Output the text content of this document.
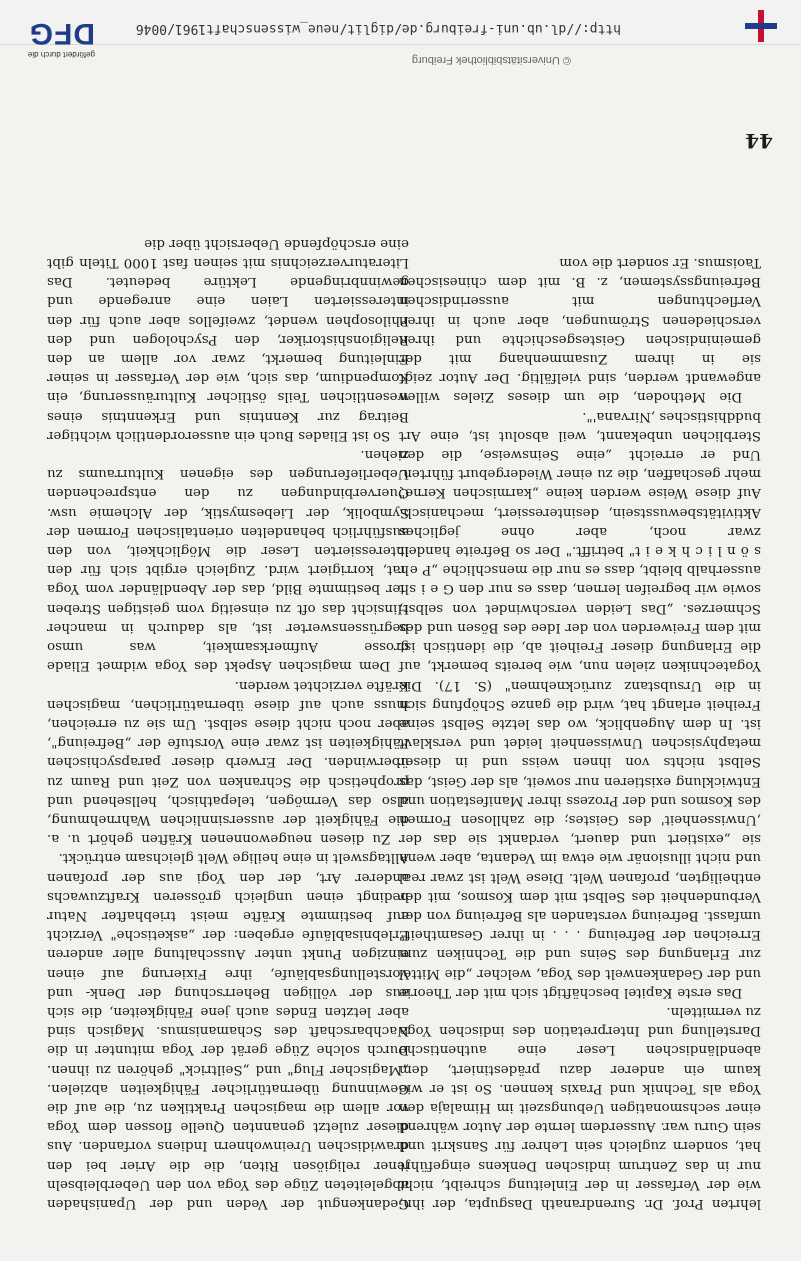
44

lehrten Prof. Dr. Surendranath Dasgupta, der ihn, wie der Verfasser in der Einleitung schreibt, nicht nur in das Zentrum indischen Denkens eingeführt hat, sondern zugleich sein Lehrer für Sanskrit und sein Guru war. Ausserdem lernte der Autor während einer sechsmonatigen Uebungszeit im Himalaja den Yoga als Technik und Praxis kennen. So ist er wie kaum ein anderer dazu prädestiniert, dem abendländischen Leser eine authentische Darstellung und Interpretation des indischen Yoga zu vermitteln.

Das erste Kapitel beschäftigt sich mit der Theorie und der Gedankenwelt des Yoga, welcher „die Mittel zur Erlangung des Seins und die Techniken zum Erreichen der Befreiung . . . in ihrer Gesamtheit" umfasst. Befreiung verstanden als Befreiung von der Verbundenheit des Selbst mit dem Kosmos, mit der entheiligten, profanen Welt. Diese Welt ist zwar real und nicht illusionär wie etwa im Vedanta, aber wenn sie „existiert und dauert, verdankt sie das der ‚Unwissenheit' des Geistes; die zahllosen Formen des Kosmos und der Prozess ihrer Manifestation und Entwicklung existieren nur soweit, als der Geist, das Selbst nichts von ihnen weiss und in dieser metaphysischen Unwissenheit leidet und versklavt ist. In dem Augenblick, wo das letzte Selbst seine Freiheit erlangt hat, wird die ganze Schöpfung sich in die Ursubstanz zurücknehmen" (S. 17). Die Yogatechniken zielen nun, wie bereits bemerkt, auf die Erlangung dieser Freiheit ab, die identisch ist mit dem Freiwerden von der Idee des Bösen und des Schmerzes. „Das Leiden verschwindet von selbst, sowie wir begreifen lernen, dass es nur den G e i s t ausserhalb bleibt, dass es nur die menschliche „P e r s ö n l i c h k e i t" betrifft." Der so Befreite handelt zwar noch, aber ohne jegliches Aktivitätsbewusstsein, desinteressiert, mechanisch. Auf diese Weise werden keine „karmischen Kerne" mehr geschaffen, die zu einer Wiedergeburt führten. Und er erreicht „eine Seinsweise, die den Sterblichen unbekannt, weil absolut ist, eine Art buddhistisches ‚Nirvana'".

Die Methoden, die um dieses Zieles willen angewandt werden, sind vielfältig. Der Autor zeigt sie in ihrem Zusammenhang mit der gemeinindischen Geistesgeschichte und ihren verschiedenen Strömungen, aber auch in ihren Verflechtungen mit ausserindischen Befreiungssystemen, z. B. mit dem chinesischen Taoismus. Er sondert die vom

Gedankengut der Veden und der Upanishaden abgeleiteten Züge des Yoga von den Ueberbleibseln jener religiösen Riten, die die Arier bei den drawidischen Ureinwohnern Indiens vorfanden. Aus dieser zuletzt genannten Quelle flossen dem Yoga vor allem die magischen Praktiken zu, die auf die Gewinnung übernatürlicher Fähigkeiten abzielen. „Magischer Flug" und „Seiltrick" gehören zu ihnen. Durch solche Züge gerät der Yoga mitunter in die Nachbarschaft des Schamanismus. Magisch sind aber letzten Endes auch jene Fähigkeiten, die sich aus der völligen Beherrschung der Denk- und Vorstellungsabläufe, ihre Fixierung auf einen einzigen Punkt unter Ausschaltung aller anderen Erlebnisabläufe ergeben: der „asketische" Verzicht auf bestimmte Kräfte meist triebhafter Natur bedingt einen ungleich grösseren Kraftzuwachs anderer Art, der den Yogi aus der profanen Alltagswelt in eine heilige Welt gleichsam entrückt.

Zu diesen neugewonnenen Kräften gehört u. a. die Fähigkeit der aussersinnlichen Wahrnehmung, also das Vermögen, telepathisch, hellsehend und prophetisch die Schranken von Zeit und Raum zu überwinden. Der Erwerb dieser parapsychischen Fähigkeiten ist zwar eine Vorstufe der „Befreiung", aber noch nicht diese selbst. Um sie zu erreichen, muss auch auf diese übernatürlichen, magischen Kräfte verzichtet werden.

Dem magischen Aspekt des Yoga widmet Eliade grosse Aufmerksamkeit, was umso begrüssenswerter ist, als dadurch in mancher Hinsicht das oft zu einseitig vom geistigen Streben her bestimmte Bild, das der Abendländer vom Yoga hat, korrigiert wird. Zugleich ergibt sich für den interessierten Leser die Möglichkeit, von den ausführlich behandelten orientalischen Formen der Symbolik, der Liebesmystik, der Alchemie usw. Querverbindungen zu den entsprechenden Ueberlieferungen des eigenen Kulturraums zu ziehen.

So ist Eliades Buch ein ausserordentlich wichtiger Beitrag zur Kenntnis und Erkenntnis eines wesentlichen Teils östlicher Kulturäusserung, ein Kompendium, das sich, wie der Verfasser in seiner Einleitung bemerkt, zwar vor allem an den Religionshistoriker, den Psychologen und den Philosophen wendet, zweifellos aber auch für den interessierten Laien eine anregende und gewinnbringende Lektüre bedeutet. Das Literaturverzeichnis mit seinen fast 1000 Titeln gibt eine erschöpfende Uebersicht über die

© Universitätsbibliothek Freiburg
http://dl.ub.uni-freiburg.de/diglit/neue_wissenschaft1961/0046
gefördert durch die
DFG
